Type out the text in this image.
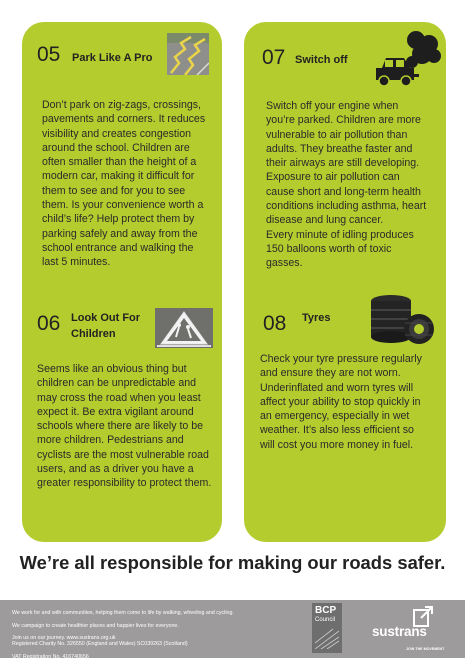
05 Park Like A Pro

Don’t park on zig-zags, crossings,

pavements and corners. It reduces

visibility and creates congestion

around the school. Children are

often smaller than the height of a

modern car, making it difficult for

them to see and for you to see

them. Is your convenience worth a

child’s life? Help protect them by

parking safely and away from the

school entrance and walking the

last 5 minutes.

06 Look Out For
Children

Seems like an obvious thing but

children can be unpredictable and

may cross the road when you least

expect it. Be extra vigilant around

schools where there are likely to be

more children. Pedestrians and

cyclists are the most vulnerable road

users, and as a driver you have a

greater responsibility to protect them.

07 Switch off

Switch off your engine when

you’re parked. Children are more

vulnerable to air pollution than

adults. They breathe faster and

their airways are still developing.

Exposure to air pollution can

cause short and long-term health

conditions including asthma, heart

disease and lung cancer.

Every minute of idling produces

150 balloons worth of toxic

gasses.

08 Tyres

Check your tyre pressure regularly

and ensure they are not worn.

Underinflated and worn tyres will

affect your ability to stop quickly in

an emergency, especially in wet

weather. It’s also less efficient so

will cost you more money in fuel.

We’re all responsible for making our roads safer.

We work for and with communities, helping them come to life by walking, wheeling and cycling.

We campaign to create healthier places and happier lives for everyone.

Join us on our journey. www.sustrans.org.uk

Registered Charity No. 326550 (England and Wales) SC039263 (Scotland)

VAT Registration No. 416740656

BCP
Council
sustrans
JOIN THE MOVEMENT
